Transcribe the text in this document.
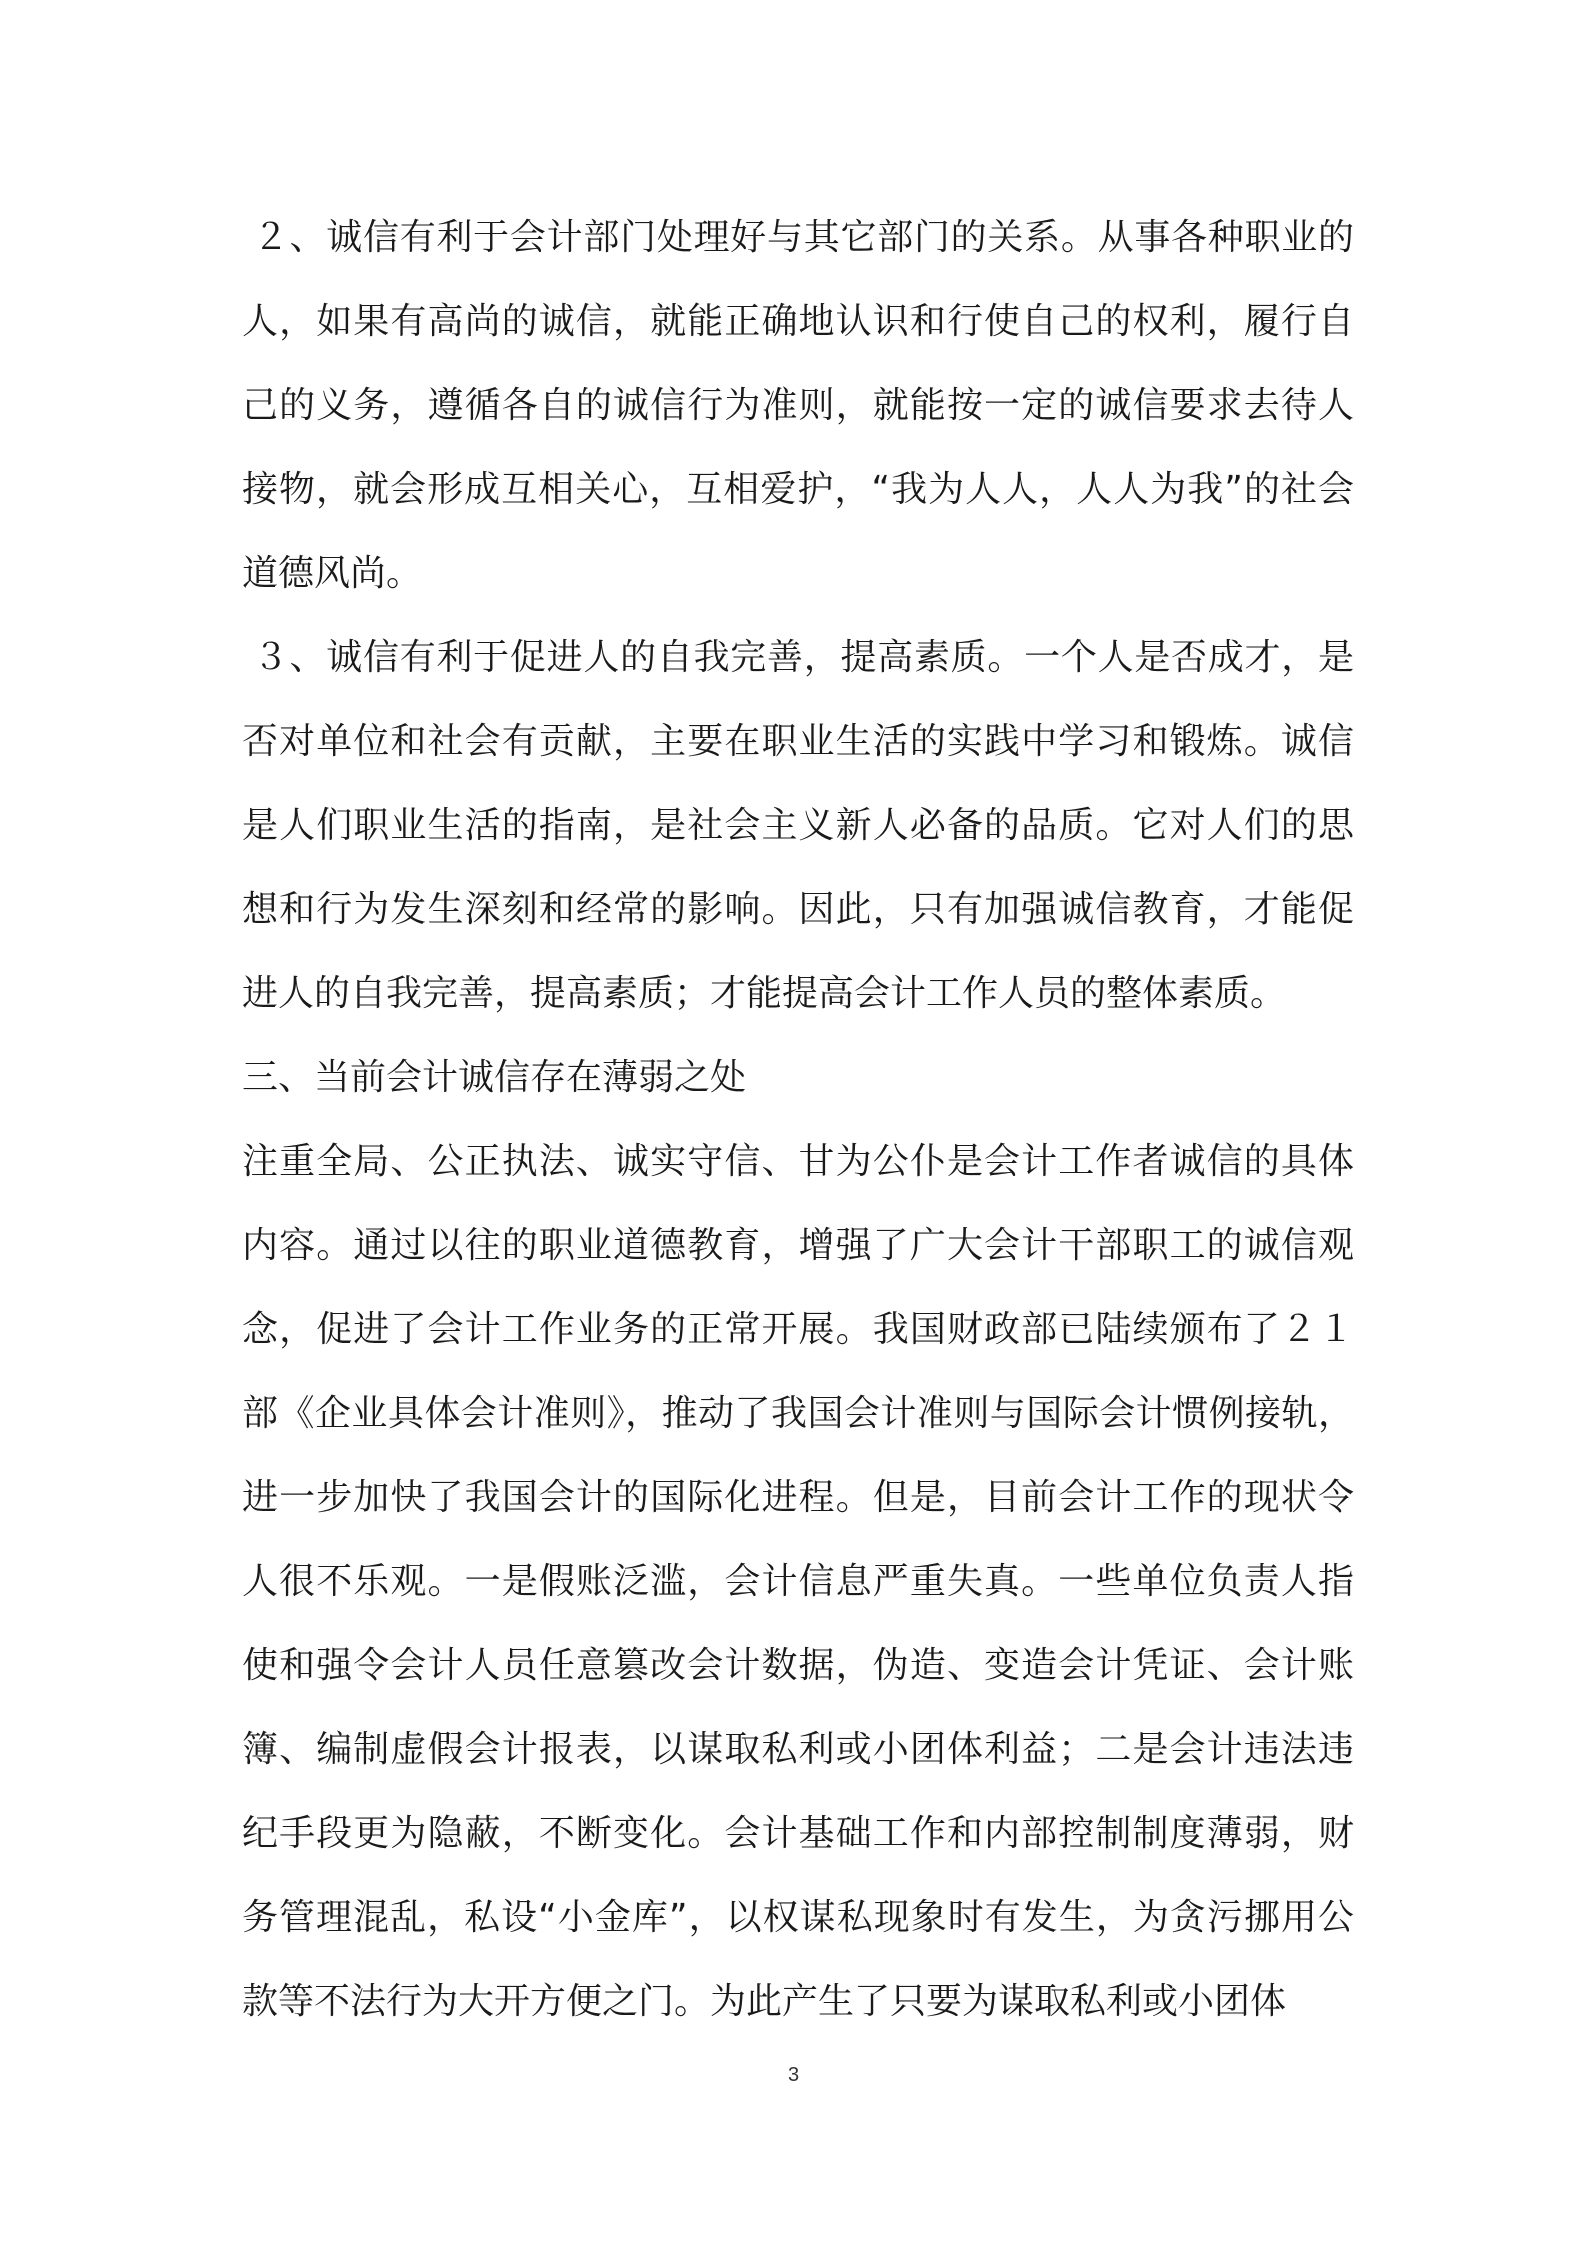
２、诚信有利于会计部门处理好与其它部门的关系。从事各种职业的人，如果有高尚的诚信，就能正确地认识和行使自己的权利，履行自己的义务，遵循各自的诚信行为准则，就能按一定的诚信要求去待人接物，就会形成互相关心，互相爱护，“我为人人，人人为我”的社会道德风尚。

３、诚信有利于促进人的自我完善，提高素质。一个人是否成才，是否对单位和社会有贡献，主要在职业生活的实践中学习和锻炼。诚信是人们职业生活的指南，是社会主义新人必备的品质。它对人们的思想和行为发生深刻和经常的影响。因此，只有加强诚信教育，才能促进人的自我完善，提高素质；才能提高会计工作人员的整体素质。

三、当前会计诚信存在薄弱之处

注重全局、公正执法、诚实守信、甘为公仆是会计工作者诚信的具体内容。通过以往的职业道德教育，增强了广大会计干部职工的诚信观念，促进了会计工作业务的正常开展。我国财政部已陆续颁布了２１部《企业具体会计准则》，推动了我国会计准则与国际会计惯例接轨，进一步加快了我国会计的国际化进程。但是，目前会计工作的现状令人很不乐观。一是假账泛滥，会计信息严重失真。一些单位负责人指使和强令会计人员任意篡改会计数据，伪造、变造会计凭证、会计账簿、编制虚假会计报表，以谋取私利或小团体利益；二是会计违法违纪手段更为隐蔽，不断变化。会计基础工作和内部控制制度薄弱，财务管理混乱，私设“小金库”，以权谋私现象时有发生，为贪污挪用公款等不法行为大开方便之门。为此产生了只要为谋取私利或小团体

3
